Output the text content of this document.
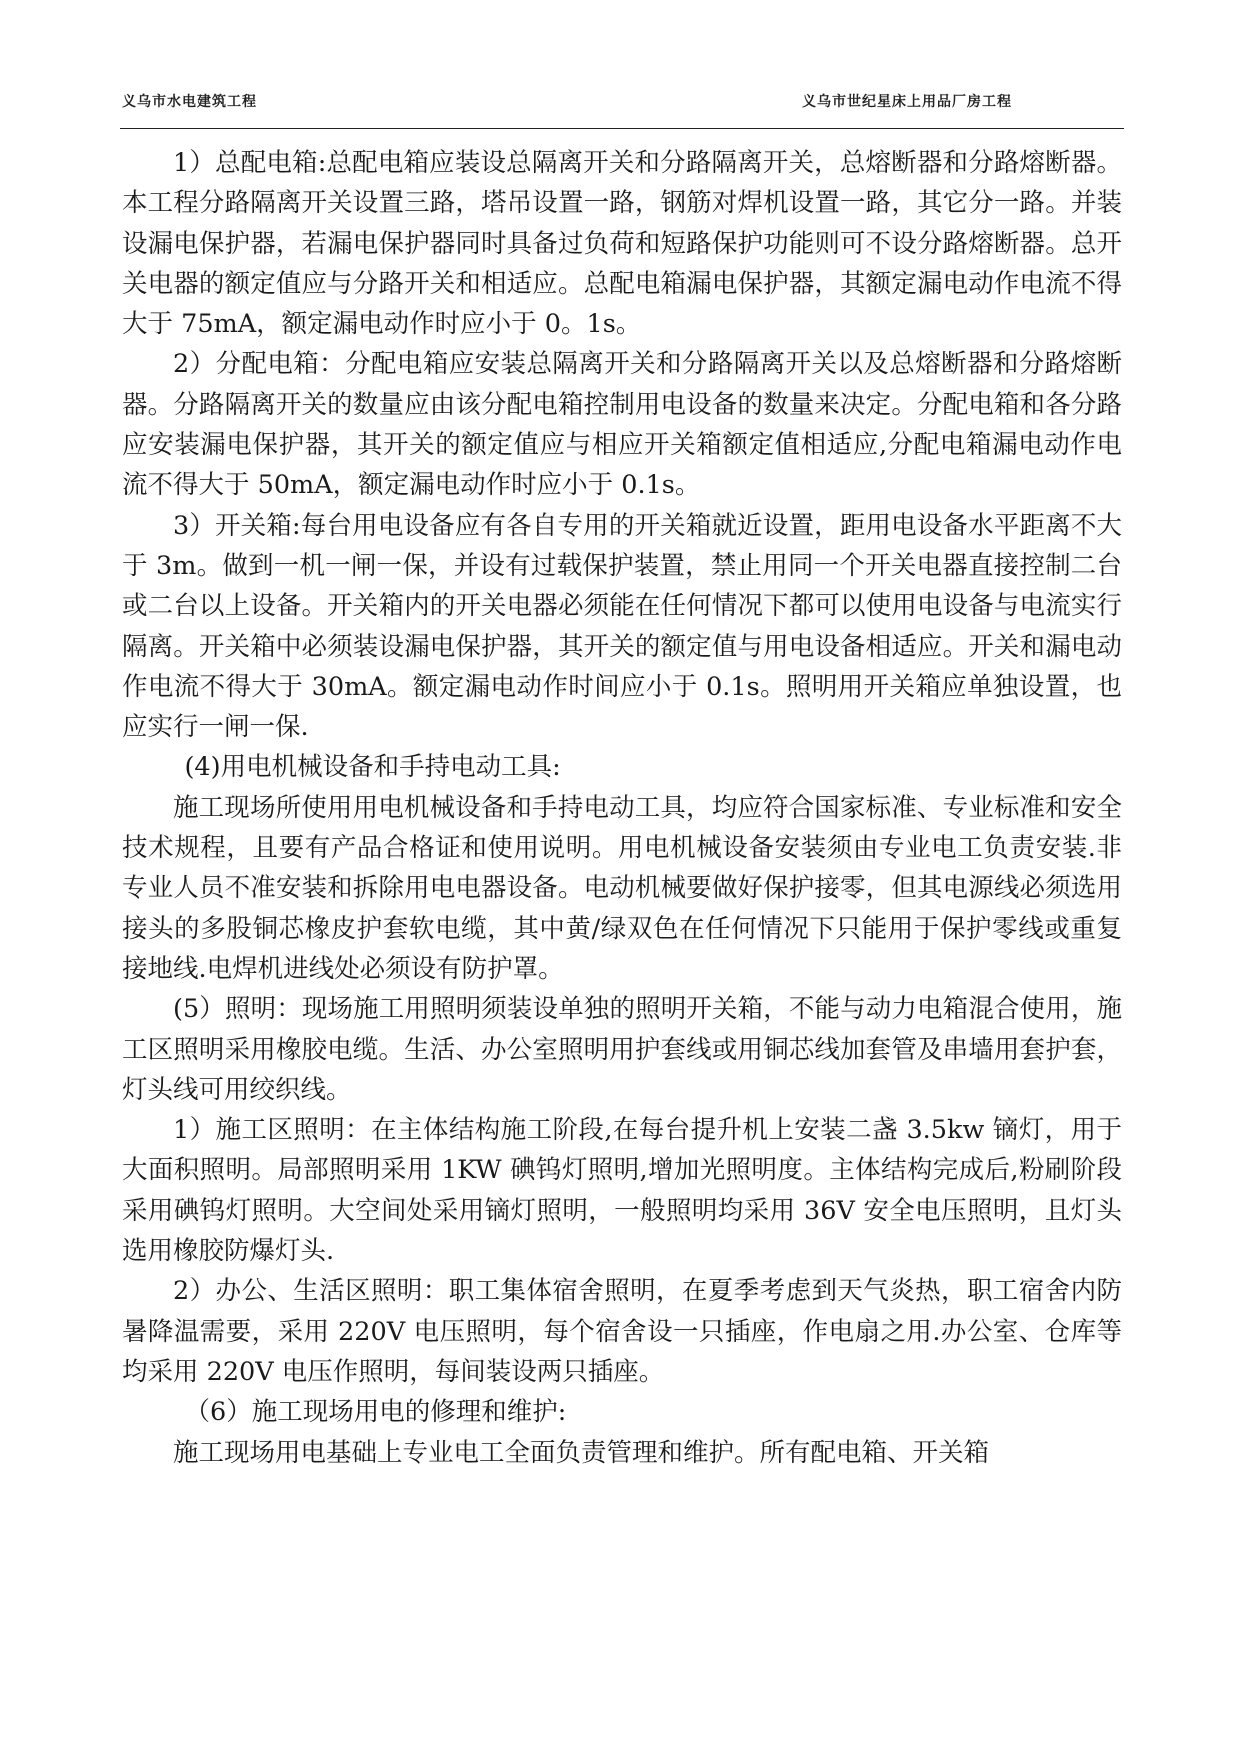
义乌市水电建筑工程	义乌市世纪星床上用品厂房工程

1）总配电箱:总配电箱应装设总隔离开关和分路隔离开关，总熔断器和分路熔断器。本工程分路隔离开关设置三路，塔吊设置一路，钢筋对焊机设置一路，其它分一路。并装设漏电保护器，若漏电保护器同时具备过负荷和短路保护功能则可不设分路熔断器。总开关电器的额定值应与分路开关和相适应。总配电箱漏电保护器，其额定漏电动作电流不得大于 75mA，额定漏电动作时应小于 0。1s。

2）分配电箱：分配电箱应安装总隔离开关和分路隔离开关以及总熔断器和分路熔断器。分路隔离开关的数量应由该分配电箱控制用电设备的数量来决定。分配电箱和各分路应安装漏电保护器，其开关的额定值应与相应开关箱额定值相适应,分配电箱漏电动作电流不得大于 50mA，额定漏电动作时应小于 0.1s。

3）开关箱:每台用电设备应有各自专用的开关箱就近设置，距用电设备水平距离不大于 3m。做到一机一闸一保，并设有过载保护装置，禁止用同一个开关电器直接控制二台或二台以上设备。开关箱内的开关电器必须能在任何情况下都可以使用电设备与电流实行隔离。开关箱中必须装设漏电保护器，其开关的额定值与用电设备相适应。开关和漏电动作电流不得大于 30mA。额定漏电动作时间应小于 0.1s。照明用开关箱应单独设置，也应实行一闸一保.

(4)用电机械设备和手持电动工具:

施工现场所使用用电机械设备和手持电动工具，均应符合国家标准、专业标准和安全技术规程，且要有产品合格证和使用说明。用电机械设备安装须由专业电工负责安装.非专业人员不准安装和拆除用电电器设备。电动机械要做好保护接零，但其电源线必须选用接头的多股铜芯橡皮护套软电缆，其中黄/绿双色在任何情况下只能用于保护零线或重复接地线.电焊机进线处必须设有防护罩。

(5）照明：现场施工用照明须装设单独的照明开关箱，不能与动力电箱混合使用，施工区照明采用橡胶电缆。生活、办公室照明用护套线或用铜芯线加套管及串墙用套护套，灯头线可用绞织线。

1）施工区照明：在主体结构施工阶段,在每台提升机上安装二盏 3.5kw 镝灯，用于大面积照明。局部照明采用 1KW 碘钨灯照明,增加光照明度。主体结构完成后,粉刷阶段采用碘钨灯照明。大空间处采用镝灯照明，一般照明均采用 36V 安全电压照明，且灯头选用橡胶防爆灯头.

2）办公、生活区照明：职工集体宿舍照明，在夏季考虑到天气炎热，职工宿舍内防暑降温需要，采用 220V 电压照明，每个宿舍设一只插座，作电扇之用.办公室、仓库等均采用 220V 电压作照明，每间装设两只插座。

（6）施工现场用电的修理和维护:

施工现场用电基础上专业电工全面负责管理和维护。所有配电箱、开关箱
